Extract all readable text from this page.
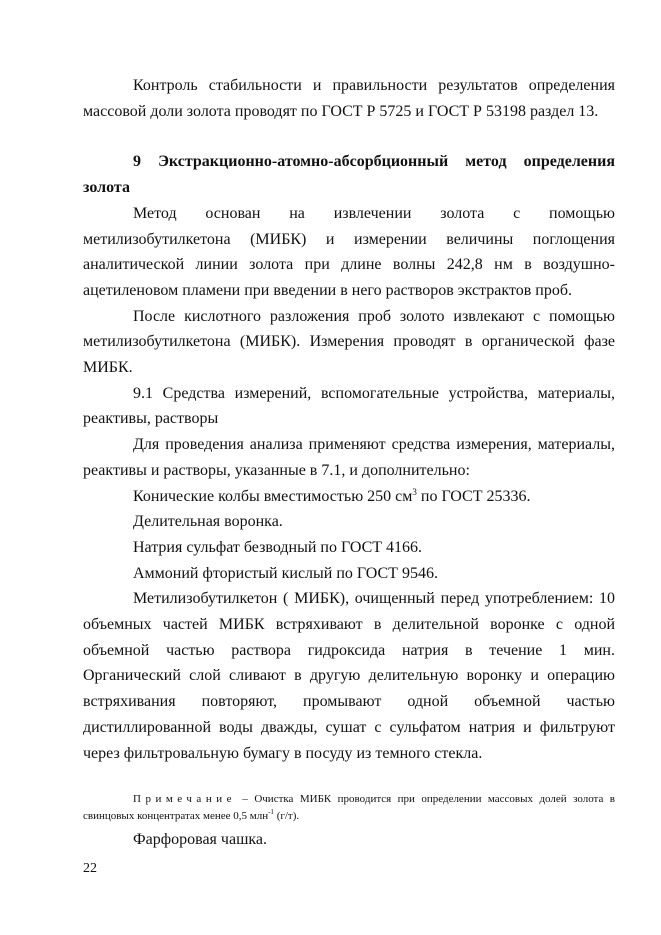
Контроль стабильности и правильности результатов определения массовой доли золота проводят по ГОСТ Р 5725 и ГОСТ Р 53198 раздел 13.

9 Экстракционно-атомно-абсорбционный метод определения золота

Метод основан на извлечении золота с помощью метилизобутилкетона (МИБК) и измерении величины поглощения аналитической линии золота при длине волны 242,8 нм в воздушно-ацетиленовом пламени при введении в него растворов экстрактов проб.

После кислотного разложения проб золото извлекают с помощью метилизобутилкетона (МИБК). Измерения проводят в органической фазе МИБК.

9.1 Средства измерений, вспомогательные устройства, материалы, реактивы, растворы

Для проведения анализа применяют средства измерения, материалы, реактивы и растворы, указанные в 7.1, и дополнительно:

Конические колбы вместимостью 250 $см^3$ по ГОСТ 25336.

Делительная воронка.

Натрия сульфат безводный по ГОСТ 4166.

Аммоний фтористый кислый по ГОСТ 9546.

Метилизобутилкетон ( МИБК), очищенный перед употреблением: 10 объемных частей МИБК встряхивают в делительной воронке с одной объемной частью раствора гидроксида натрия в течение 1 мин. Органический слой сливают в другую делительную воронку и операцию встряхивания повторяют, промывают одной объемной частью дистиллированной воды дважды, сушат с сульфатом натрия и фильтруют через фильтровальную бумагу в посуду из темного стекла.

Примечание – Очистка МИБК проводится при определении массовых долей золота в свинцовых концентратах менее 0,5 млн$^{-1}$ (г/т).

Фарфоровая чашка.

22
